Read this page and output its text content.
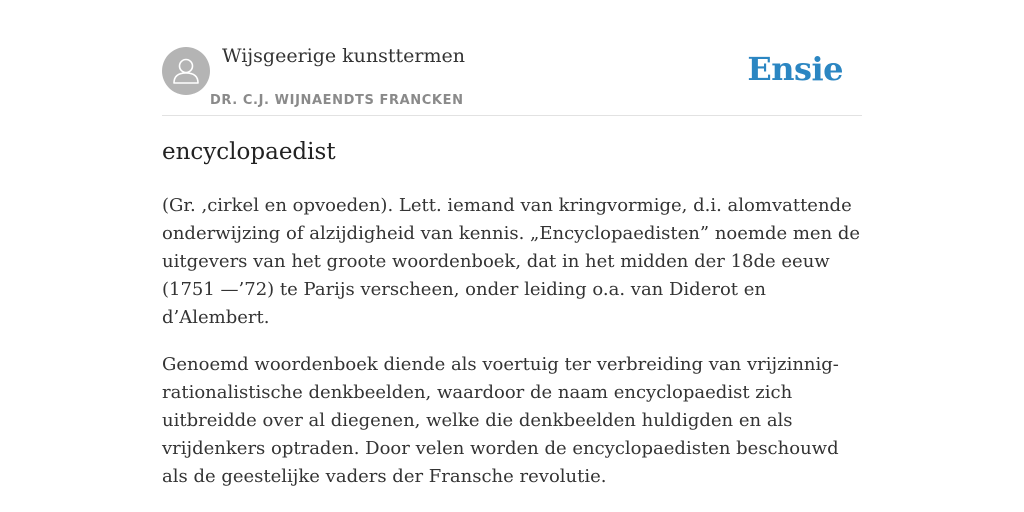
Wijsgeerige kunsttermen
DR. C.J. WIJNAENDTS FRANCKEN
Ensie
encyclopaedist

(Gr. ,cirkel en opvoeden). Lett. iemand van kringvormige, d.i. alomvattende onderwijzing of alzijdigheid van kennis. „Encyclopaedisten” noemde men de uitgevers van het groote woordenboek, dat in het midden der 18de eeuw (1751 —’72) te Parijs verscheen, onder leiding o.a. van Diderot en d’Alembert.

Genoemd woordenboek diende als voertuig ter verbreiding van vrijzinnig-rationalistische denkbeelden, waardoor de naam encyclopaedist zich uitbreidde over al diegenen, welke die denkbeelden huldigden en als vrijdenkers optraden. Door velen worden de encyclopaedisten beschouwd als de geestelijke vaders der Fransche revolutie.
